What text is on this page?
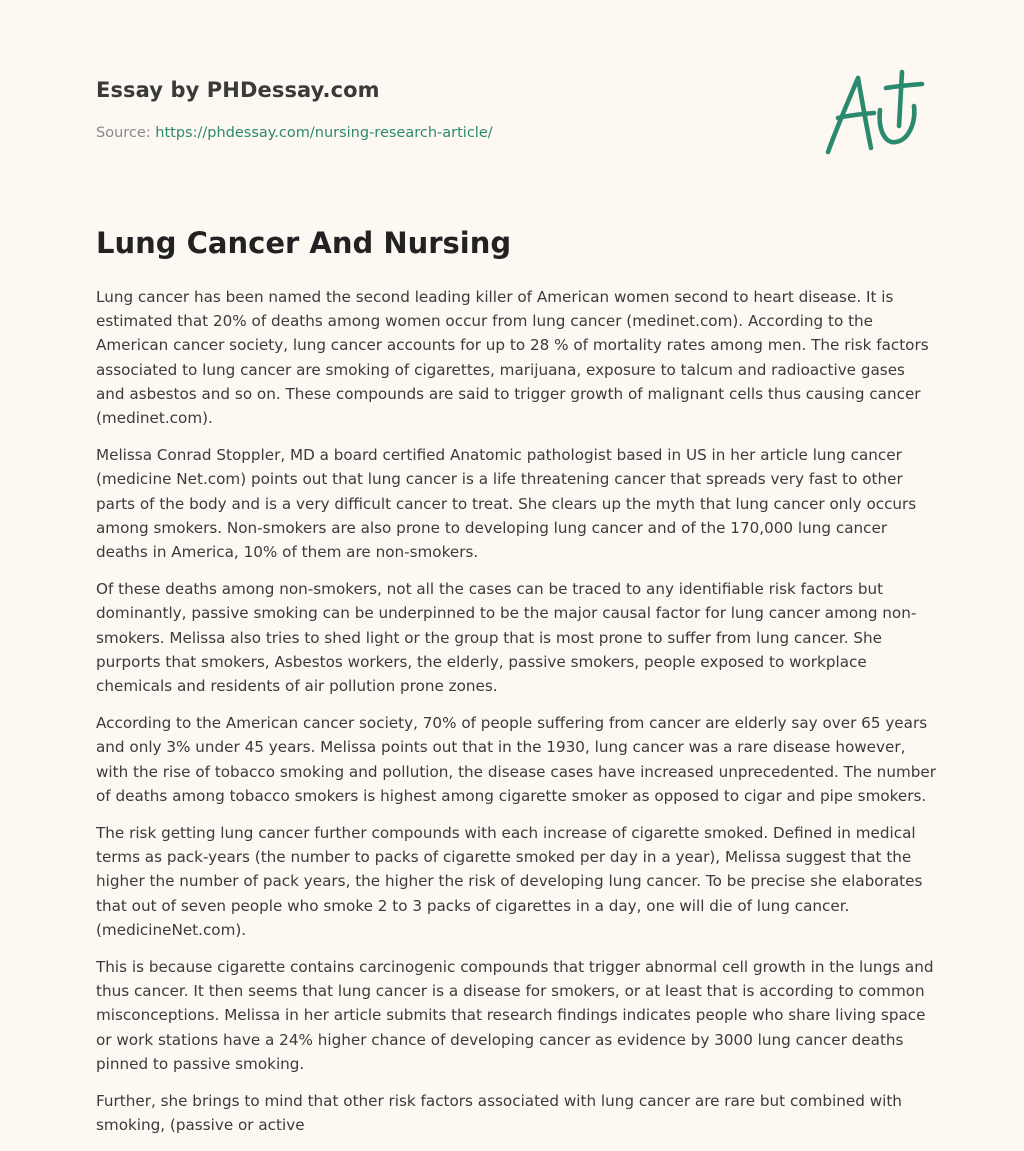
Essay by PHDessay.com
Source: https://phdessay.com/nursing-research-article/
Lung Cancer And Nursing

Lung cancer has been named the second leading killer of American women second to heart disease. It is estimated that 20% of deaths among women occur from lung cancer (medinet.com). According to the American cancer society, lung cancer accounts for up to 28 % of mortality rates among men. The risk factors associated to lung cancer are smoking of cigarettes, marijuana, exposure to talcum and radioactive gases and asbestos and so on. These compounds are said to trigger growth of malignant cells thus causing cancer (medinet.com).

Melissa Conrad Stoppler, MD a board certified Anatomic pathologist based in US in her article lung cancer (medicine Net.com) points out that lung cancer is a life threatening cancer that spreads very fast to other parts of the body and is a very difficult cancer to treat. She clears up the myth that lung cancer only occurs among smokers. Non-smokers are also prone to developing lung cancer and of the 170,000 lung cancer deaths in America, 10% of them are non-smokers.

Of these deaths among non-smokers, not all the cases can be traced to any identifiable risk factors but dominantly, passive smoking can be underpinned to be the major causal factor for lung cancer among non-smokers. Melissa also tries to shed light or the group that is most prone to suffer from lung cancer. She purports that smokers, Asbestos workers, the elderly, passive smokers, people exposed to workplace chemicals and residents of air pollution prone zones.

According to the American cancer society, 70% of people suffering from cancer are elderly say over 65 years and only 3% under 45 years. Melissa points out that in the 1930, lung cancer was a rare disease however, with the rise of tobacco smoking and pollution, the disease cases have increased unprecedented. The number of deaths among tobacco smokers is highest among cigarette smoker as opposed to cigar and pipe smokers.

The risk getting lung cancer further compounds with each increase of cigarette smoked. Defined in medical terms as pack-years (the number to packs of cigarette smoked per day in a year), Melissa suggest that the higher the number of pack years, the higher the risk of developing lung cancer. To be precise she elaborates that out of seven people who smoke 2 to 3 packs of cigarettes in a day, one will die of lung cancer. (medicineNet.com).

This is because cigarette contains carcinogenic compounds that trigger abnormal cell growth in the lungs and thus cancer. It then seems that lung cancer is a disease for smokers, or at least that is according to common misconceptions. Melissa in her article submits that research findings indicates people who share living space or work stations have a 24% higher chance of developing cancer as evidence by 3000 lung cancer deaths pinned to passive smoking.

Further, she brings to mind that other risk factors associated with lung cancer are rare but combined with smoking, (passive or active
